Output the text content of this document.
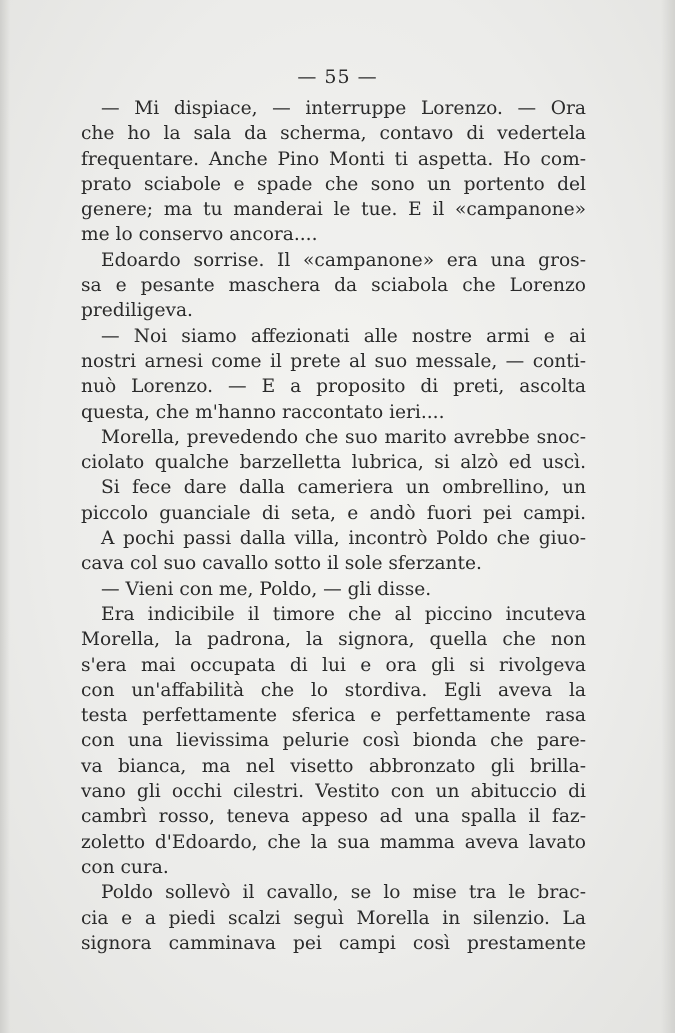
— 55 —
— Mi dispiace, — interruppe Lorenzo. — Ora
che ho la sala da scherma, contavo di vedertela
frequentare. Anche Pino Monti ti aspetta. Ho com-
prato sciabole e spade che sono un portento del
genere; ma tu manderai le tue. E il «campanone»
me lo conservo ancora....
Edoardo sorrise. Il «campanone» era una gros-
sa e pesante maschera da sciabola che Lorenzo
prediligeva.
— Noi siamo affezionati alle nostre armi e ai
nostri arnesi come il prete al suo messale, — conti-
nuò Lorenzo. — E a proposito di preti, ascolta
questa, che m'hanno raccontato ieri....
Morella, prevedendo che suo marito avrebbe snoc-
ciolato qualche barzelletta lubrica, si alzò ed uscì.
Si fece dare dalla cameriera un ombrellino, un
piccolo guanciale di seta, e andò fuori pei campi.
A pochi passi dalla villa, incontrò Poldo che giuo-
cava col suo cavallo sotto il sole sferzante.
— Vieni con me, Poldo, — gli disse.
Era indicibile il timore che al piccino incuteva
Morella, la padrona, la signora, quella che non
s'era mai occupata di lui e ora gli si rivolgeva
con un'affabilità che lo stordiva. Egli aveva la
testa perfettamente sferica e perfettamente rasa
con una lievissima pelurie così bionda che pare-
va bianca, ma nel visetto abbronzato gli brilla-
vano gli occhi cilestri. Vestito con un abituccio di
cambrì rosso, teneva appeso ad una spalla il faz-
zoletto d'Edoardo, che la sua mamma aveva lavato
con cura.
Poldo sollevò il cavallo, se lo mise tra le brac-
cia e a piedi scalzi seguì Morella in silenzio. La
signora camminava pei campi così prestamente
